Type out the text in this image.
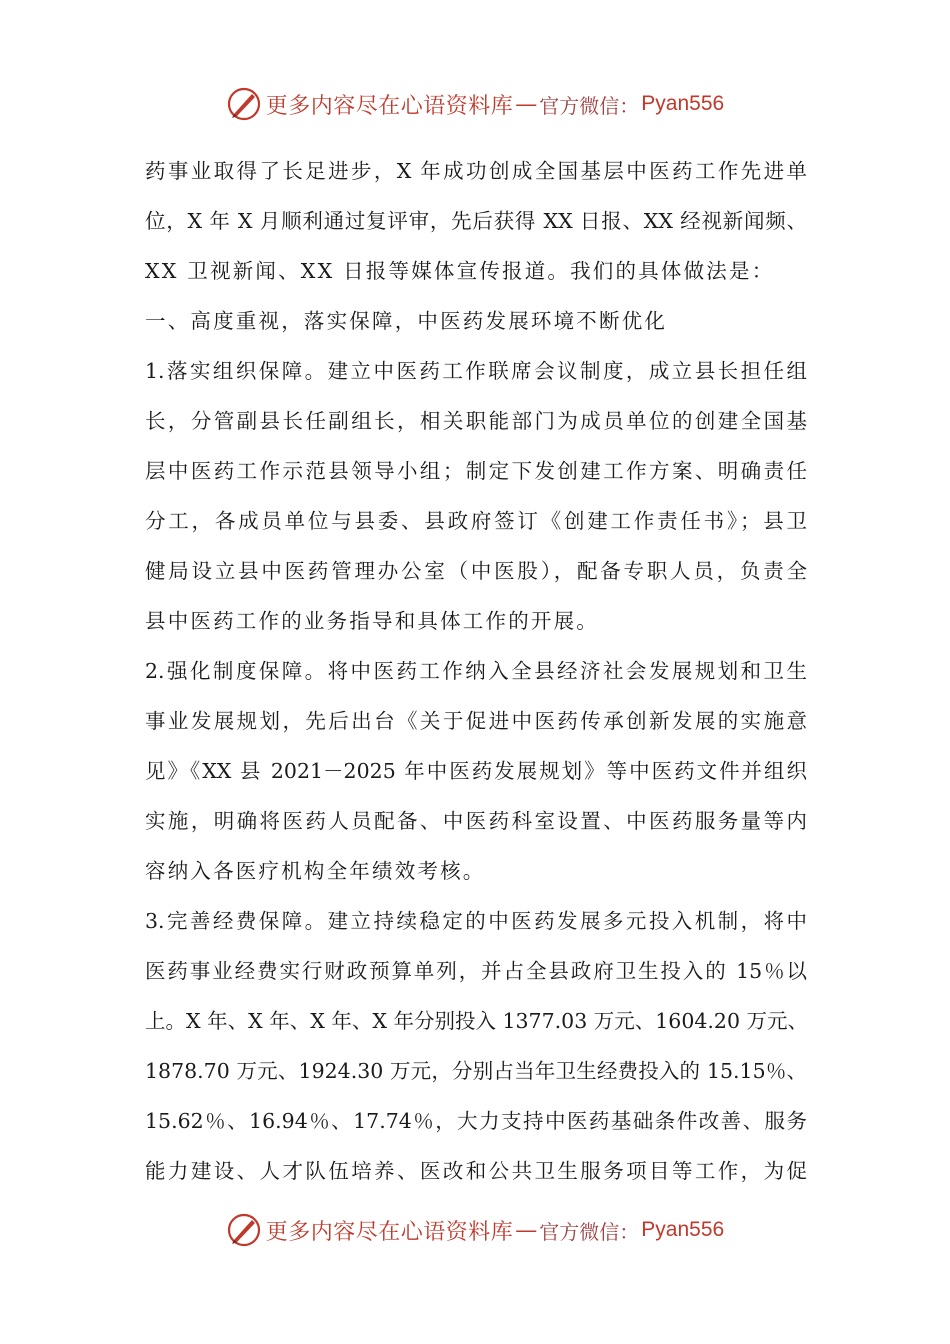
更多内容尽在心语资料库 — 官方微信： Pyan556
药事业取得了长足进步，X 年成功创成全国基层中医药工作先进单
位，X 年 X 月顺利通过复评审，先后获得 XX 日报、XX 经视新闻频、
XX 卫视新闻、XX 日报等媒体宣传报道。我们的具体做法是：
一、高度重视，落实保障，中医药发展环境不断优化
1.落实组织保障。建立中医药工作联席会议制度，成立县长担任组
长，分管副县长任副组长，相关职能部门为成员单位的创建全国基
层中医药工作示范县领导小组；制定下发创建工作方案、明确责任
分工，各成员单位与县委、县政府签订《创建工作责任书》；县卫
健局设立县中医药管理办公室（中医股），配备专职人员，负责全
县中医药工作的业务指导和具体工作的开展。
2.强化制度保障。将中医药工作纳入全县经济社会发展规划和卫生
事业发展规划，先后出台《关于促进中医药传承创新发展的实施意
见》《XX 县 2021－2025 年中医药发展规划》等中医药文件并组织
实施，明确将医药人员配备、中医药科室设置、中医药服务量等内
容纳入各医疗机构全年绩效考核。
3.完善经费保障。建立持续稳定的中医药发展多元投入机制，将中
医药事业经费实行财政预算单列，并占全县政府卫生投入的 15％以
上。X 年、X 年、X 年、X 年分别投入 1377.03 万元、1604.20 万元、
1878.70 万元、1924.30 万元，分别占当年卫生经费投入的 15.15％、
15.62％、16.94％、17.74％，大力支持中医药基础条件改善、服务
能力建设、人才队伍培养、医改和公共卫生服务项目等工作，为促
更多内容尽在心语资料库 — 官方微信： Pyan556
